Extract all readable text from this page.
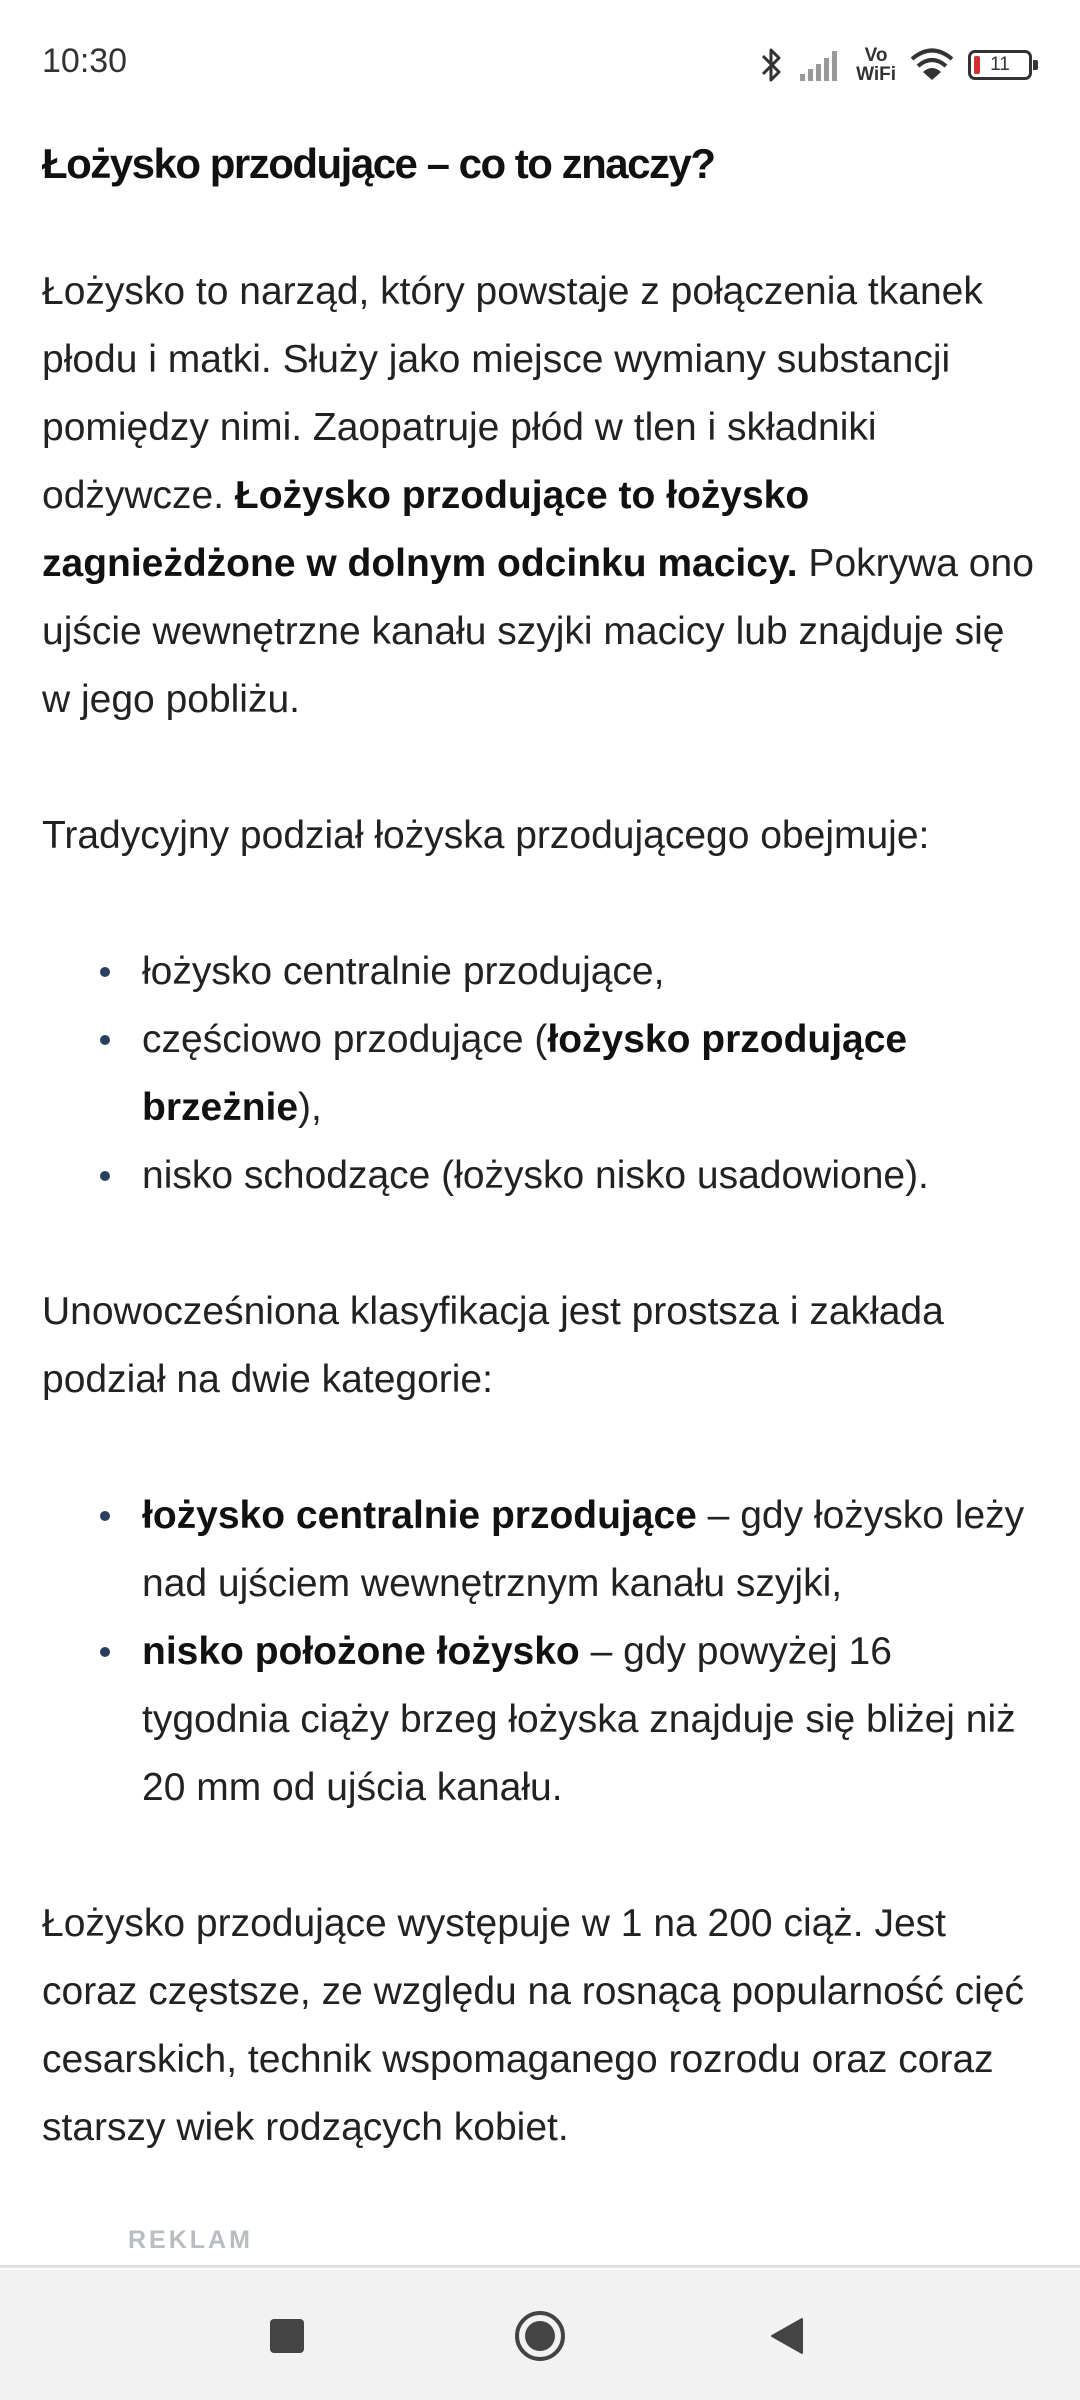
10:30	Vo
WiFi	11
Łożysko przodujące – co to znaczy?

Łożysko to narząd, który powstaje z połączenia tkanek płodu i matki. Służy jako miejsce wymiany substancji pomiędzy nimi. Zaopatruje płód w tlen i składniki odżywcze. Łożysko przodujące to łożysko zagnieżdżone w dolnym odcinku macicy. Pokrywa ono ujście wewnętrzne kanału szyjki macicy lub znajduje się w jego pobliżu.

Tradycyjny podział łożyska przodującego obejmuje:

łożysko centralnie przodujące,
częściowo przodujące (łożysko przodujące brzeżnie),
nisko schodzące (łożysko nisko usadowione).

Unowocześniona klasyfikacja jest prostsza i zakłada podział na dwie kategorie:

łożysko centralnie przodujące – gdy łożysko leży nad ujściem wewnętrznym kanału szyjki,
nisko położone łożysko – gdy powyżej 16 tygodnia ciąży brzeg łożyska znajduje się bliżej niż 20 mm od ujścia kanału.

Łożysko przodujące występuje w 1 na 200 ciąż. Jest coraz częstsze, ze względu na rosnącą popularność cięć cesarskich, technik wspomaganego rozrodu oraz coraz starszy wiek rodzących kobiet.

REKLAM
